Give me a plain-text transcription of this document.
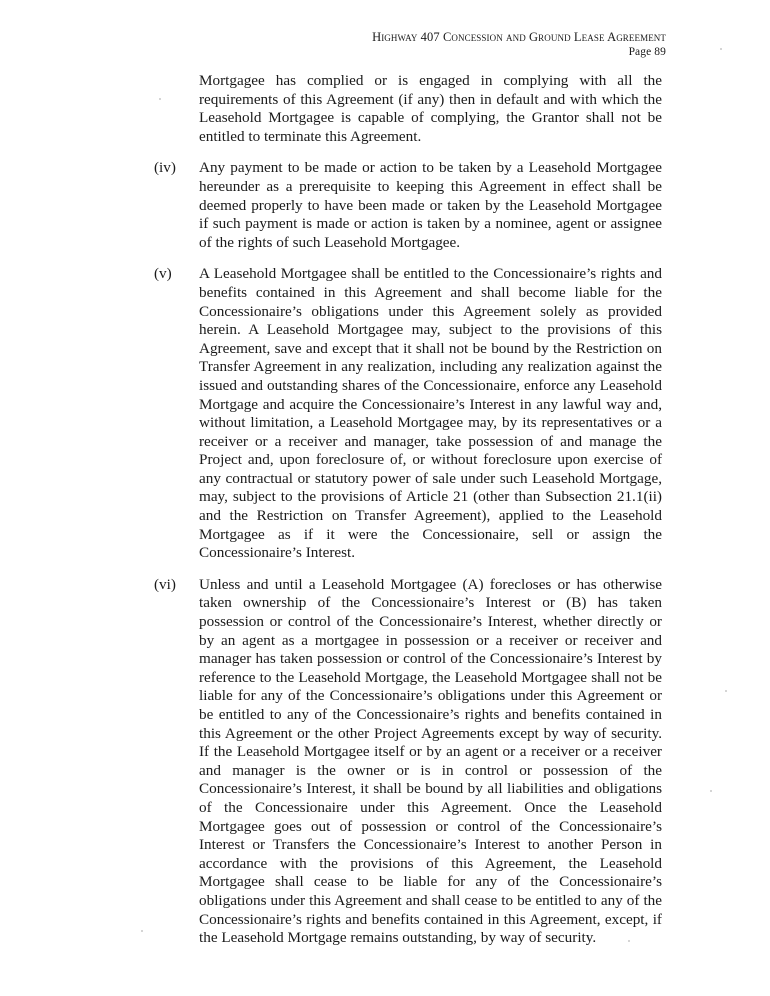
Highway 407 Concession and Ground Lease Agreement
Page 89
Mortgagee has complied or is engaged in complying with all the requirements of this Agreement (if any) then in default and with which the Leasehold Mortgagee is capable of complying, the Grantor shall not be entitled to terminate this Agreement.
(iv) Any payment to be made or action to be taken by a Leasehold Mortgagee hereunder as a prerequisite to keeping this Agreement in effect shall be deemed properly to have been made or taken by the Leasehold Mortgagee if such payment is made or action is taken by a nominee, agent or assignee of the rights of such Leasehold Mortgagee.
(v) A Leasehold Mortgagee shall be entitled to the Concessionaire’s rights and benefits contained in this Agreement and shall become liable for the Concessionaire’s obligations under this Agreement solely as provided herein. A Leasehold Mortgagee may, subject to the provisions of this Agreement, save and except that it shall not be bound by the Restriction on Transfer Agreement in any realization, including any realization against the issued and outstanding shares of the Concessionaire, enforce any Leasehold Mortgage and acquire the Concessionaire’s Interest in any lawful way and, without limitation, a Leasehold Mortgagee may, by its representatives or a receiver or a receiver and manager, take possession of and manage the Project and, upon foreclosure of, or without foreclosure upon exercise of any contractual or statutory power of sale under such Leasehold Mortgage, may, subject to the provisions of Article 21 (other than Subsection 21.1(ii) and the Restriction on Transfer Agreement), applied to the Leasehold Mortgagee as if it were the Concessionaire, sell or assign the Concessionaire’s Interest.
(vi) Unless and until a Leasehold Mortgagee (A) forecloses or has otherwise taken ownership of the Concessionaire’s Interest or (B) has taken possession or control of the Concessionaire’s Interest, whether directly or by an agent as a mortgagee in possession or a receiver or receiver and manager has taken possession or control of the Concessionaire’s Interest by reference to the Leasehold Mortgage, the Leasehold Mortgagee shall not be liable for any of the Concessionaire’s obligations under this Agreement or be entitled to any of the Concessionaire’s rights and benefits contained in this Agreement or the other Project Agreements except by way of security. If the Leasehold Mortgagee itself or by an agent or a receiver or a receiver and manager is the owner or is in control or possession of the Concessionaire’s Interest, it shall be bound by all liabilities and obligations of the Concessionaire under this Agreement. Once the Leasehold Mortgagee goes out of possession or control of the Concessionaire’s Interest or Transfers the Concessionaire’s Interest to another Person in accordance with the provisions of this Agreement, the Leasehold Mortgagee shall cease to be liable for any of the Concessionaire’s obligations under this Agreement and shall cease to be entitled to any of the Concessionaire’s rights and benefits contained in this Agreement, except, if the Leasehold Mortgage remains outstanding, by way of security.
